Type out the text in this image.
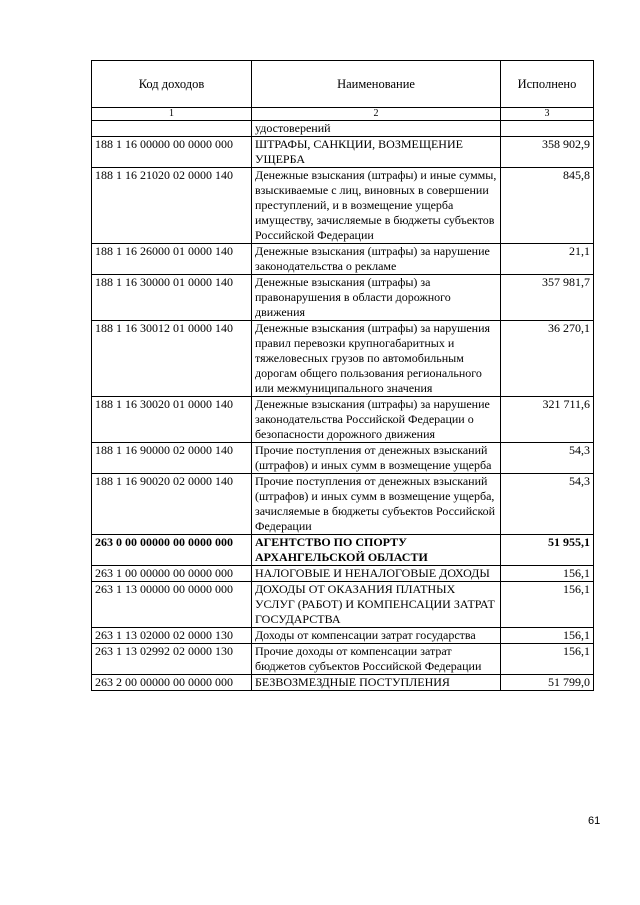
Код доходов	Наименование	Исполнено
1	2	3
	удостоверений	
188 1 16 00000 00 0000 000	ШТРАФЫ, САНКЦИИ, ВОЗМЕЩЕНИЕ УЩЕРБА	358 902,9
188 1 16 21020 02 0000 140	Денежные взыскания (штрафы) и иные суммы, взыскиваемые с лиц, виновных в совершении преступлений, и в возмещение ущерба имуществу, зачисляемые в бюджеты субъектов Российской Федерации	845,8
188 1 16 26000 01 0000 140	Денежные взыскания (штрафы) за нарушение законодательства о рекламе	21,1
188 1 16 30000 01 0000 140	Денежные взыскания (штрафы) за правонарушения в области дорожного движения	357 981,7
188 1 16 30012 01 0000 140	Денежные взыскания (штрафы) за нарушения правил перевозки крупногабаритных и тяжеловесных грузов по автомобильным дорогам общего пользования регионального или межмуниципального значения	36 270,1
188 1 16 30020 01 0000 140	Денежные взыскания (штрафы) за нарушение законодательства Российской Федерации о безопасности дорожного движения	321 711,6
188 1 16 90000 02 0000 140	Прочие поступления от денежных взысканий (штрафов) и иных сумм в возмещение ущерба	54,3
188 1 16 90020 02 0000 140	Прочие поступления от денежных взысканий (штрафов) и иных сумм в возмещение ущерба, зачисляемые в бюджеты субъектов Российской Федерации	54,3
263 0 00 00000 00 0000 000	АГЕНТСТВО ПО СПОРТУ АРХАНГЕЛЬСКОЙ ОБЛАСТИ	51 955,1
263 1 00 00000 00 0000 000	НАЛОГОВЫЕ И НЕНАЛОГОВЫЕ ДОХОДЫ	156,1
263 1 13 00000 00 0000 000	ДОХОДЫ ОТ ОКАЗАНИЯ ПЛАТНЫХ УСЛУГ (РАБОТ) И КОМПЕНСАЦИИ ЗАТРАТ ГОСУДАРСТВА	156,1
263 1 13 02000 02 0000 130	Доходы от компенсации затрат государства	156,1
263 1 13 02992 02 0000 130	Прочие доходы от компенсации затрат бюджетов субъектов Российской Федерации	156,1
263 2 00 00000 00 0000 000	БЕЗВОЗМЕЗДНЫЕ ПОСТУПЛЕНИЯ	51 799,0
61
